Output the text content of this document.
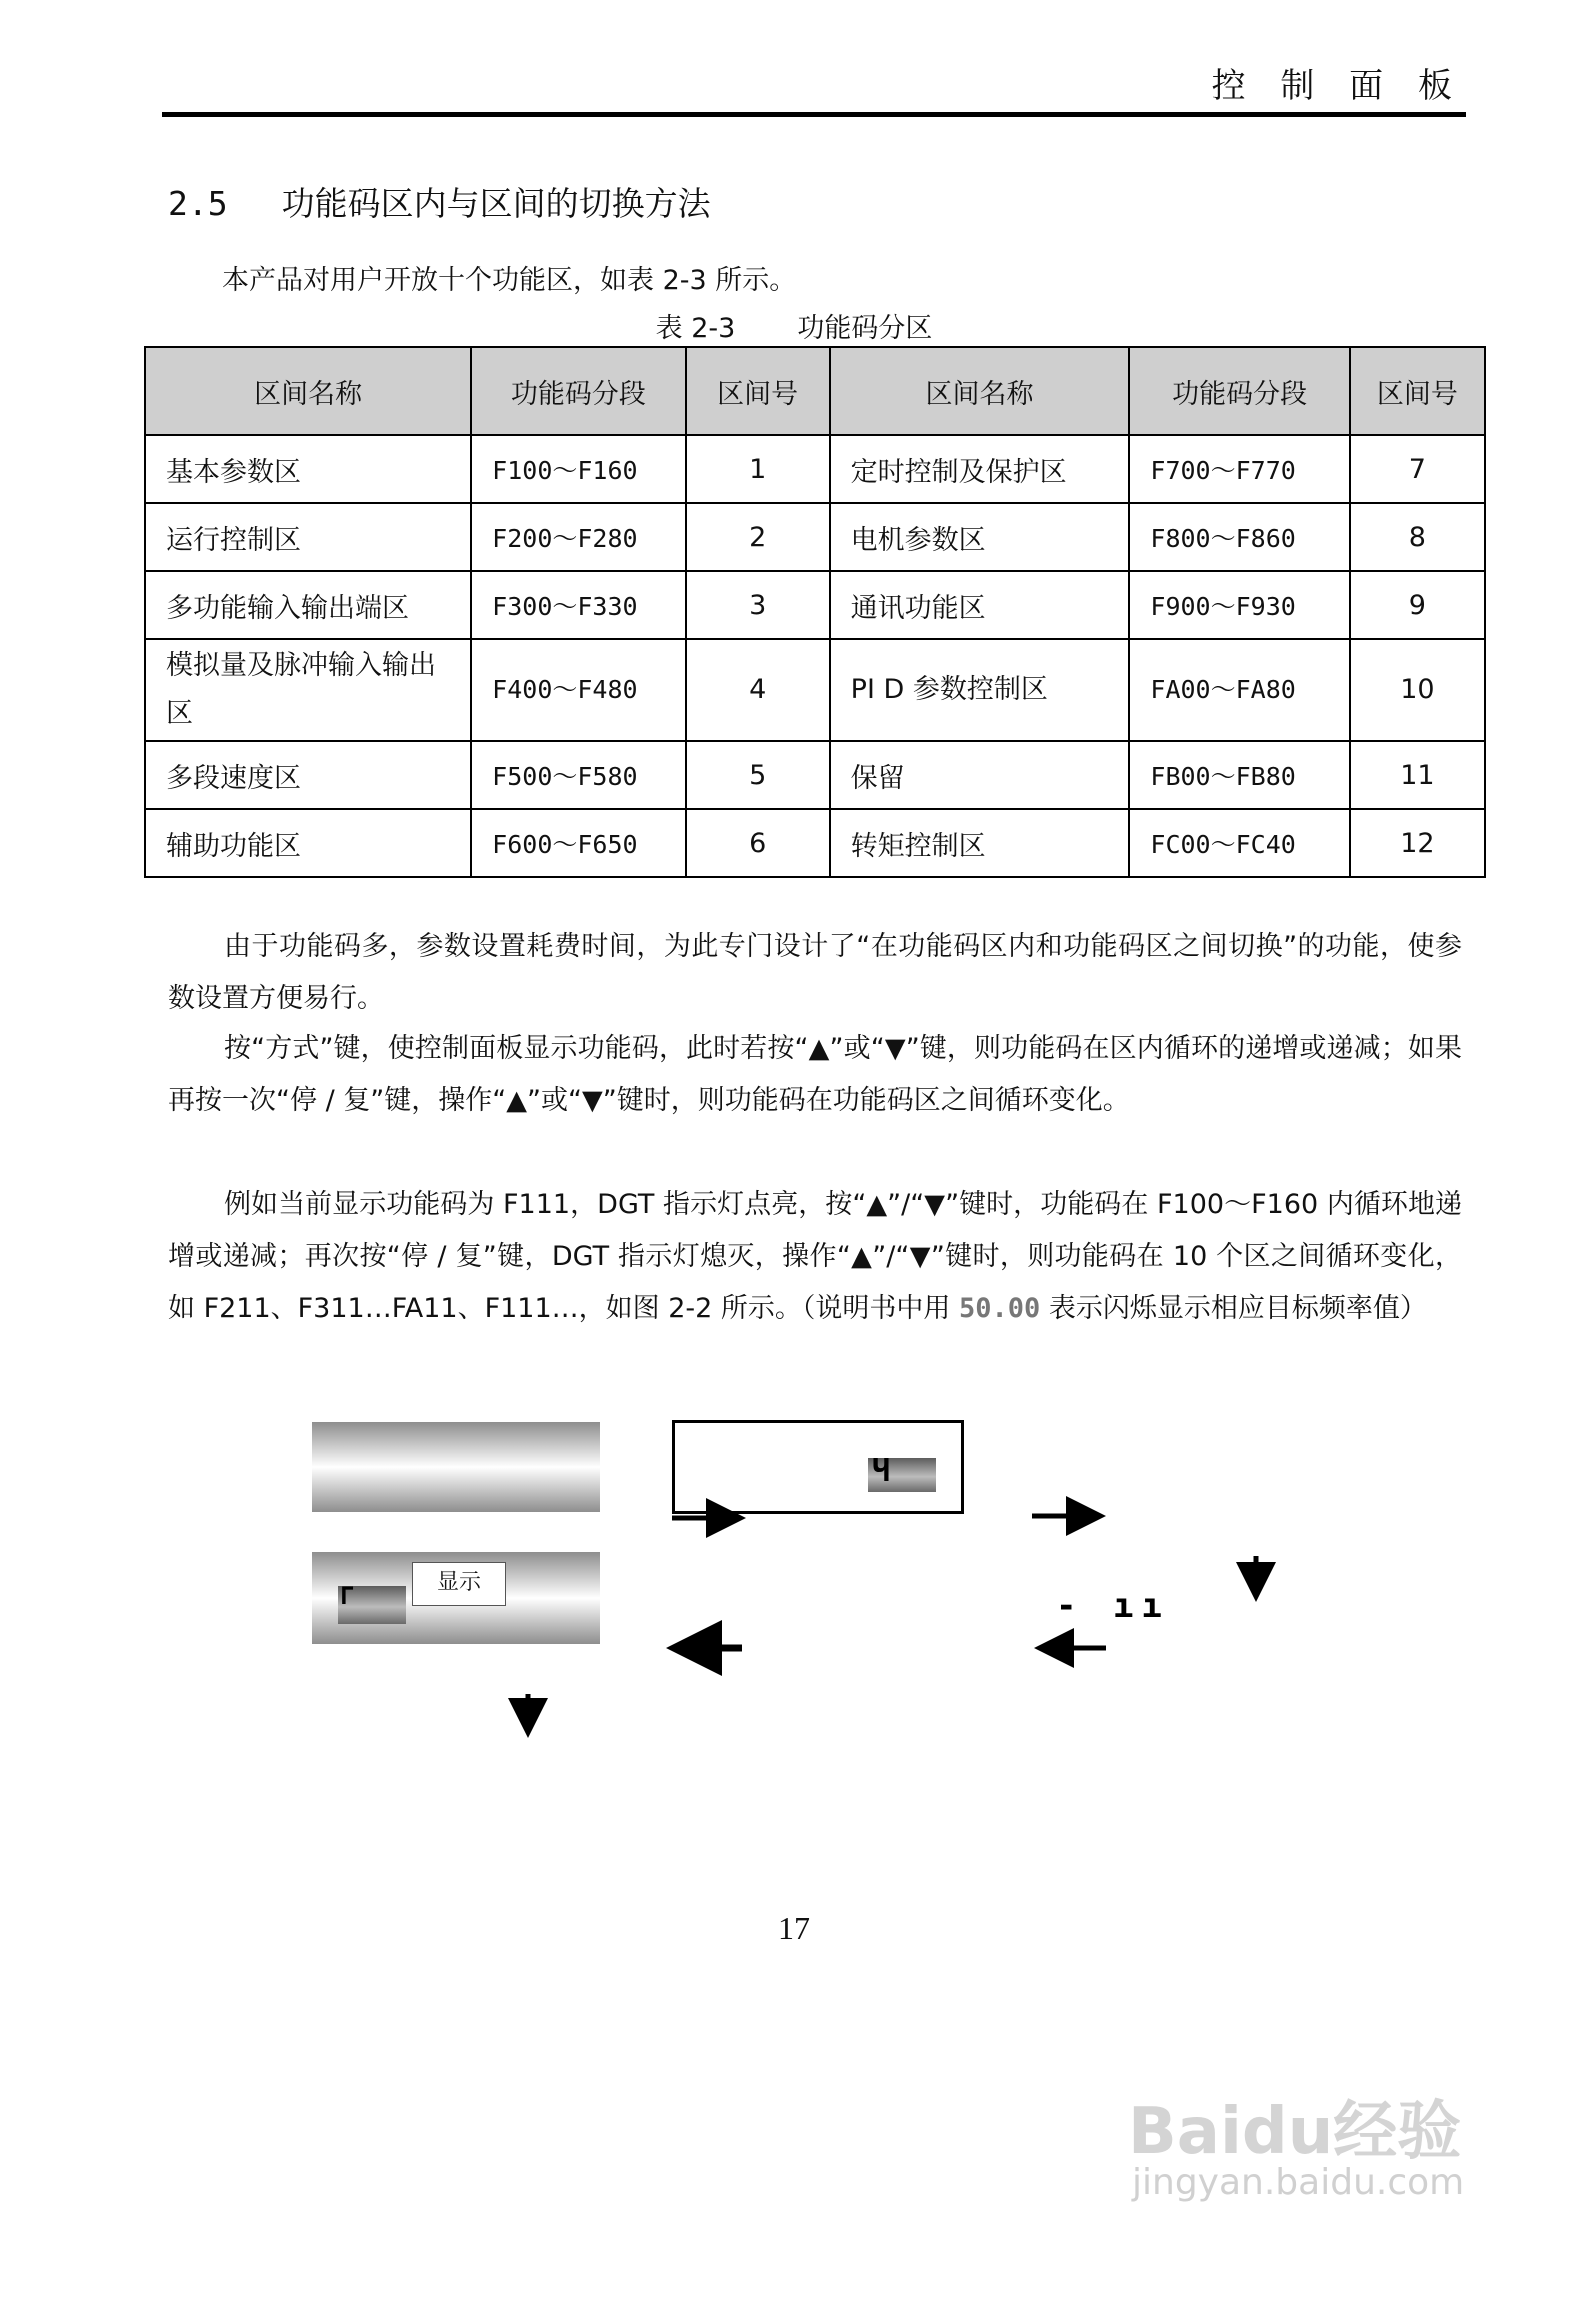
控 制 面 板
2.5 功能码区内与区间的切换方法
本产品对用户开放十个功能区，如表 2-3 所示。
表 2-3 功能码分区
区间名称	功能码分段	区间号	区间名称	功能码分段	区间号
基本参数区	F100～F160	1	定时控制及保护区	F700～F770	7
运行控制区	F200～F280	2	电机参数区	F800～F860	8
多功能输入输出端区	F300～F330	3	通讯功能区	F900～F930	9
模拟量及脉冲输入输出区	F400～F480	4	PI D 参数控制区	FA00～FA80	10
多段速度区	F500～F580	5	保留	FB00～FB80	11
辅助功能区	F600～F650	6	转矩控制区	FC00～FC40	12

由于功能码多，参数设置耗费时间，为此专门设计了“在功能码区内和功能码区之间切换”的功能，使参数设置方便易行。

按“方式”键，使控制面板显示功能码，此时若按“▲”或“▼”键，则功能码在区内循环的递增或递减；如果再按一次“停 / 复”键，操作“▲”或“▼”键时，则功能码在功能码区之间循环变化。

例如当前显示功能码为 F111，DGT 指示灯点亮，按“▲”/“▼”键时，功能码在 F100～F160 内循环地递增或递减；再次按“停 / 复”键，DGT 指示灯熄灭，操作“▲”/“▼”键时，则功能码在 10 个区之间循环变化，如 F211、F311…FA11、F111…，如图 2-2 所示。（说明书中用 50.00 表示闪烁显示相应目标频率值）

显示
Ч
Г	- ıı
17
Baidu经验
jingyan.baidu.com
